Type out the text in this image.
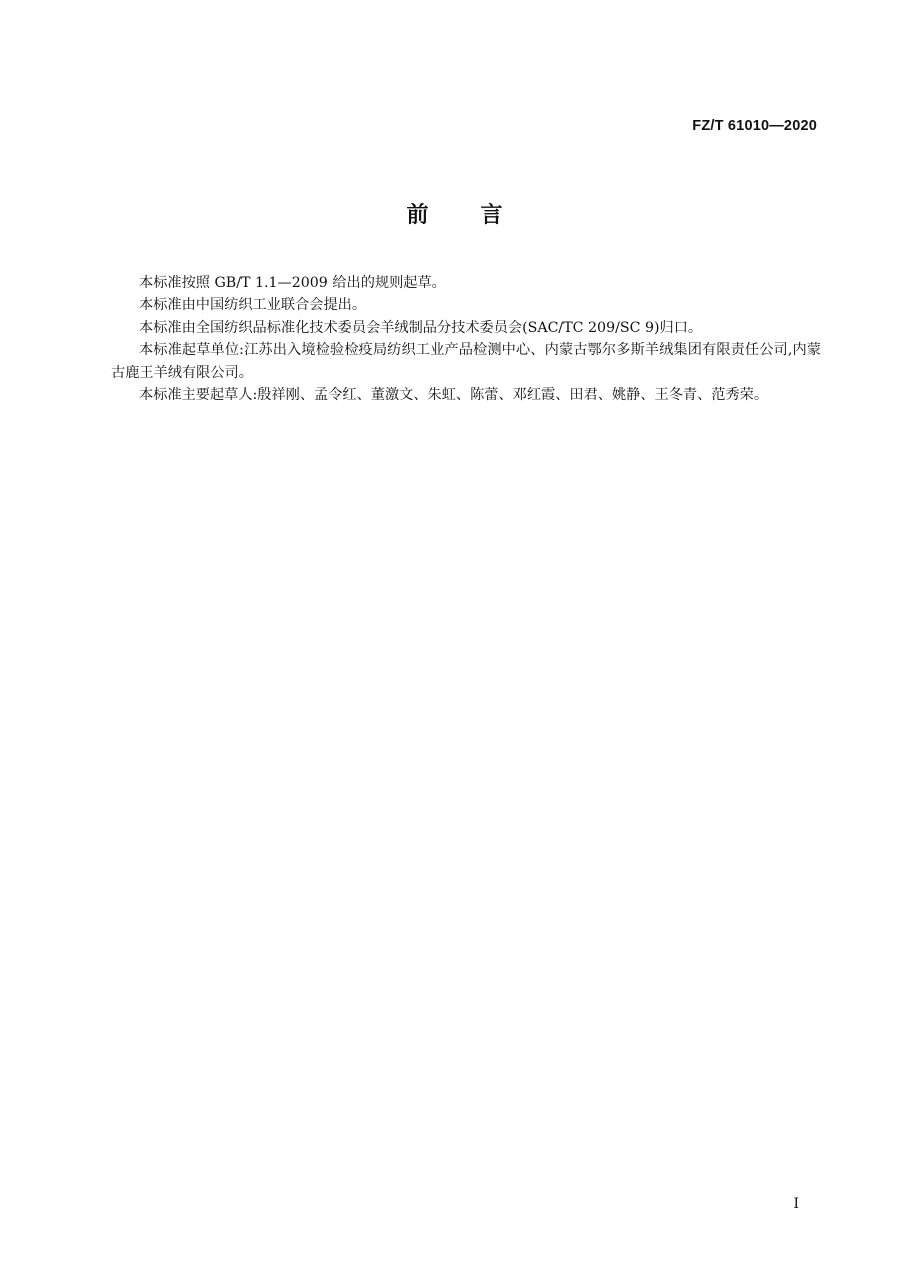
FZ/T 61010—2020
前 言

本标准按照 GB/T 1.1—2009 给出的规则起草。

本标准由中国纺织工业联合会提出。

本标准由全国纺织品标准化技术委员会羊绒制品分技术委员会(SAC/TC 209/SC 9)归口。

本标准起草单位:江苏出入境检验检疫局纺织工业产品检测中心、内蒙古鄂尔多斯羊绒集团有限责任公司,内蒙古鹿王羊绒有限公司。

本标准主要起草人:殷祥刚、孟令红、董激文、朱虹、陈蕾、邓红霞、田君、姚静、王冬青、范秀荣。

I
